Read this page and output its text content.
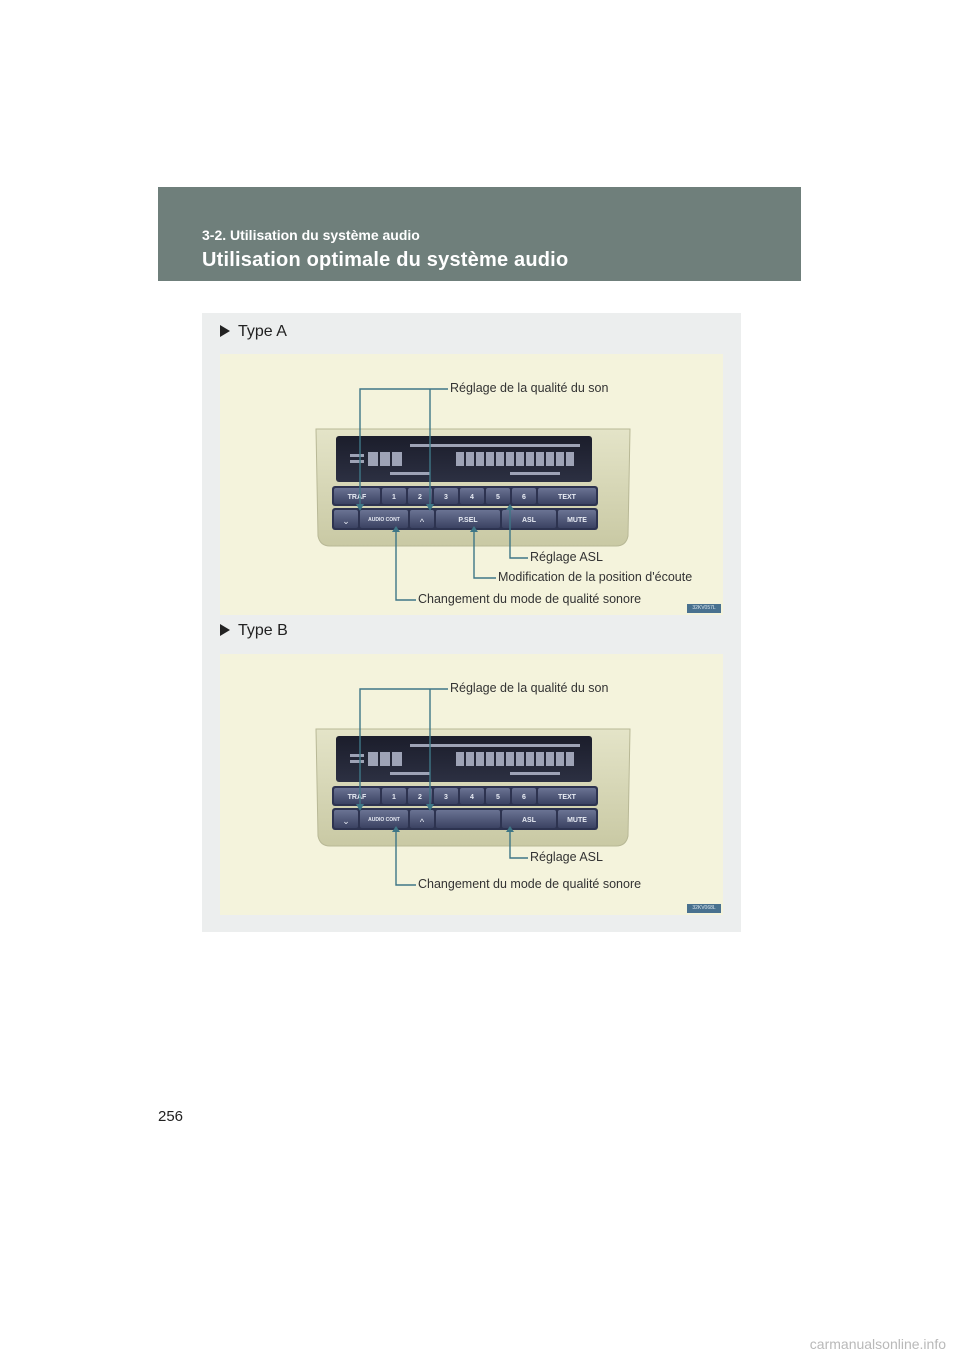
3-2. Utilisation du système audio
Utilisation optimale du système audio
Type A
TRAF	1	2	3	4	5	6	TEXT
AUDIO CONT	P.SEL	ASL	MUTE
⌄	^
Réglage de la qualité du son
Réglage ASL
Modification de la position d'écoute
Changement du mode de qualité sonore
32KV057L
Type B
TRAF	1	2	3	4	5	6	TEXT
AUDIO CONT	ASL	MUTE
⌄	^
Réglage de la qualité du son
Réglage ASL
Changement du mode de qualité sonore
32KV068L
256
carmanualsonline.info
